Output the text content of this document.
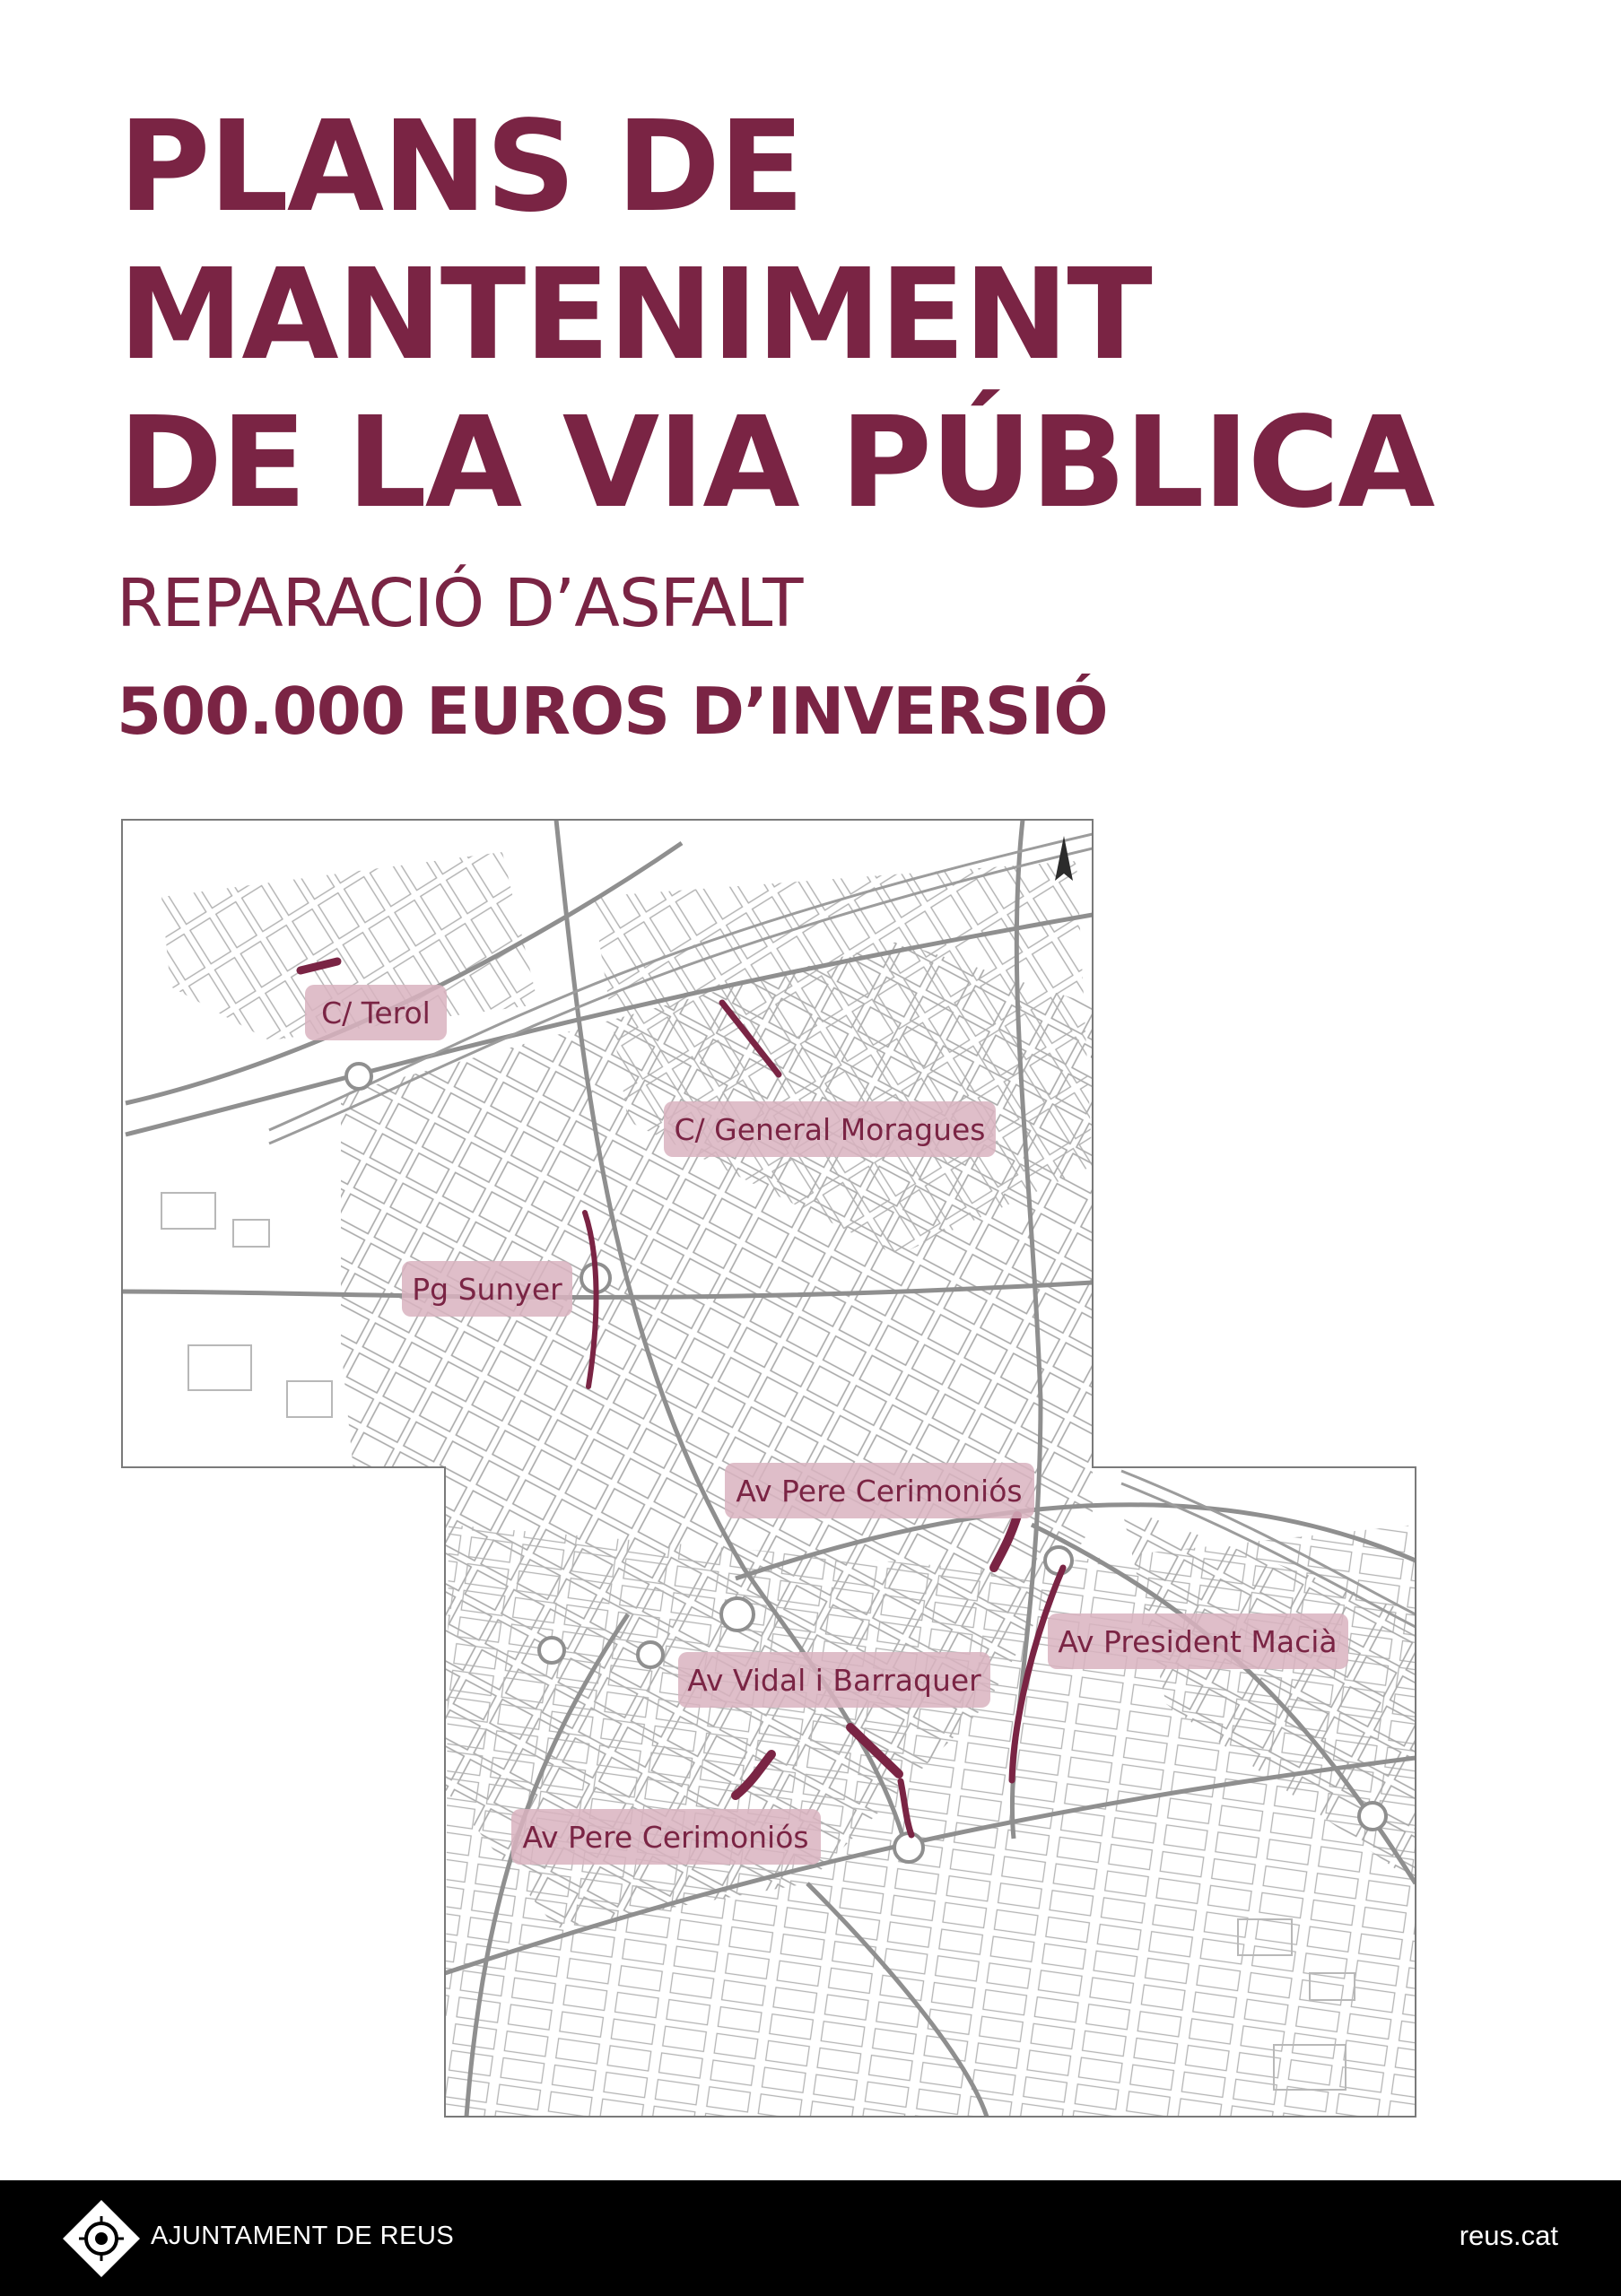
PLANS DE
MANTENIMENT
DE LA VIA PÚBLICA
REPARACIÓ D’ASFALT
500.000 EUROS D’INVERSIÓ
C/ Terol
C/ General Moragues
Pg Sunyer
Av Pere Cerimoniós
Av President Macià
Av Vidal i Barraquer
Av Pere Cerimoniós
AJUNTAMENT DE REUS	reus.cat
